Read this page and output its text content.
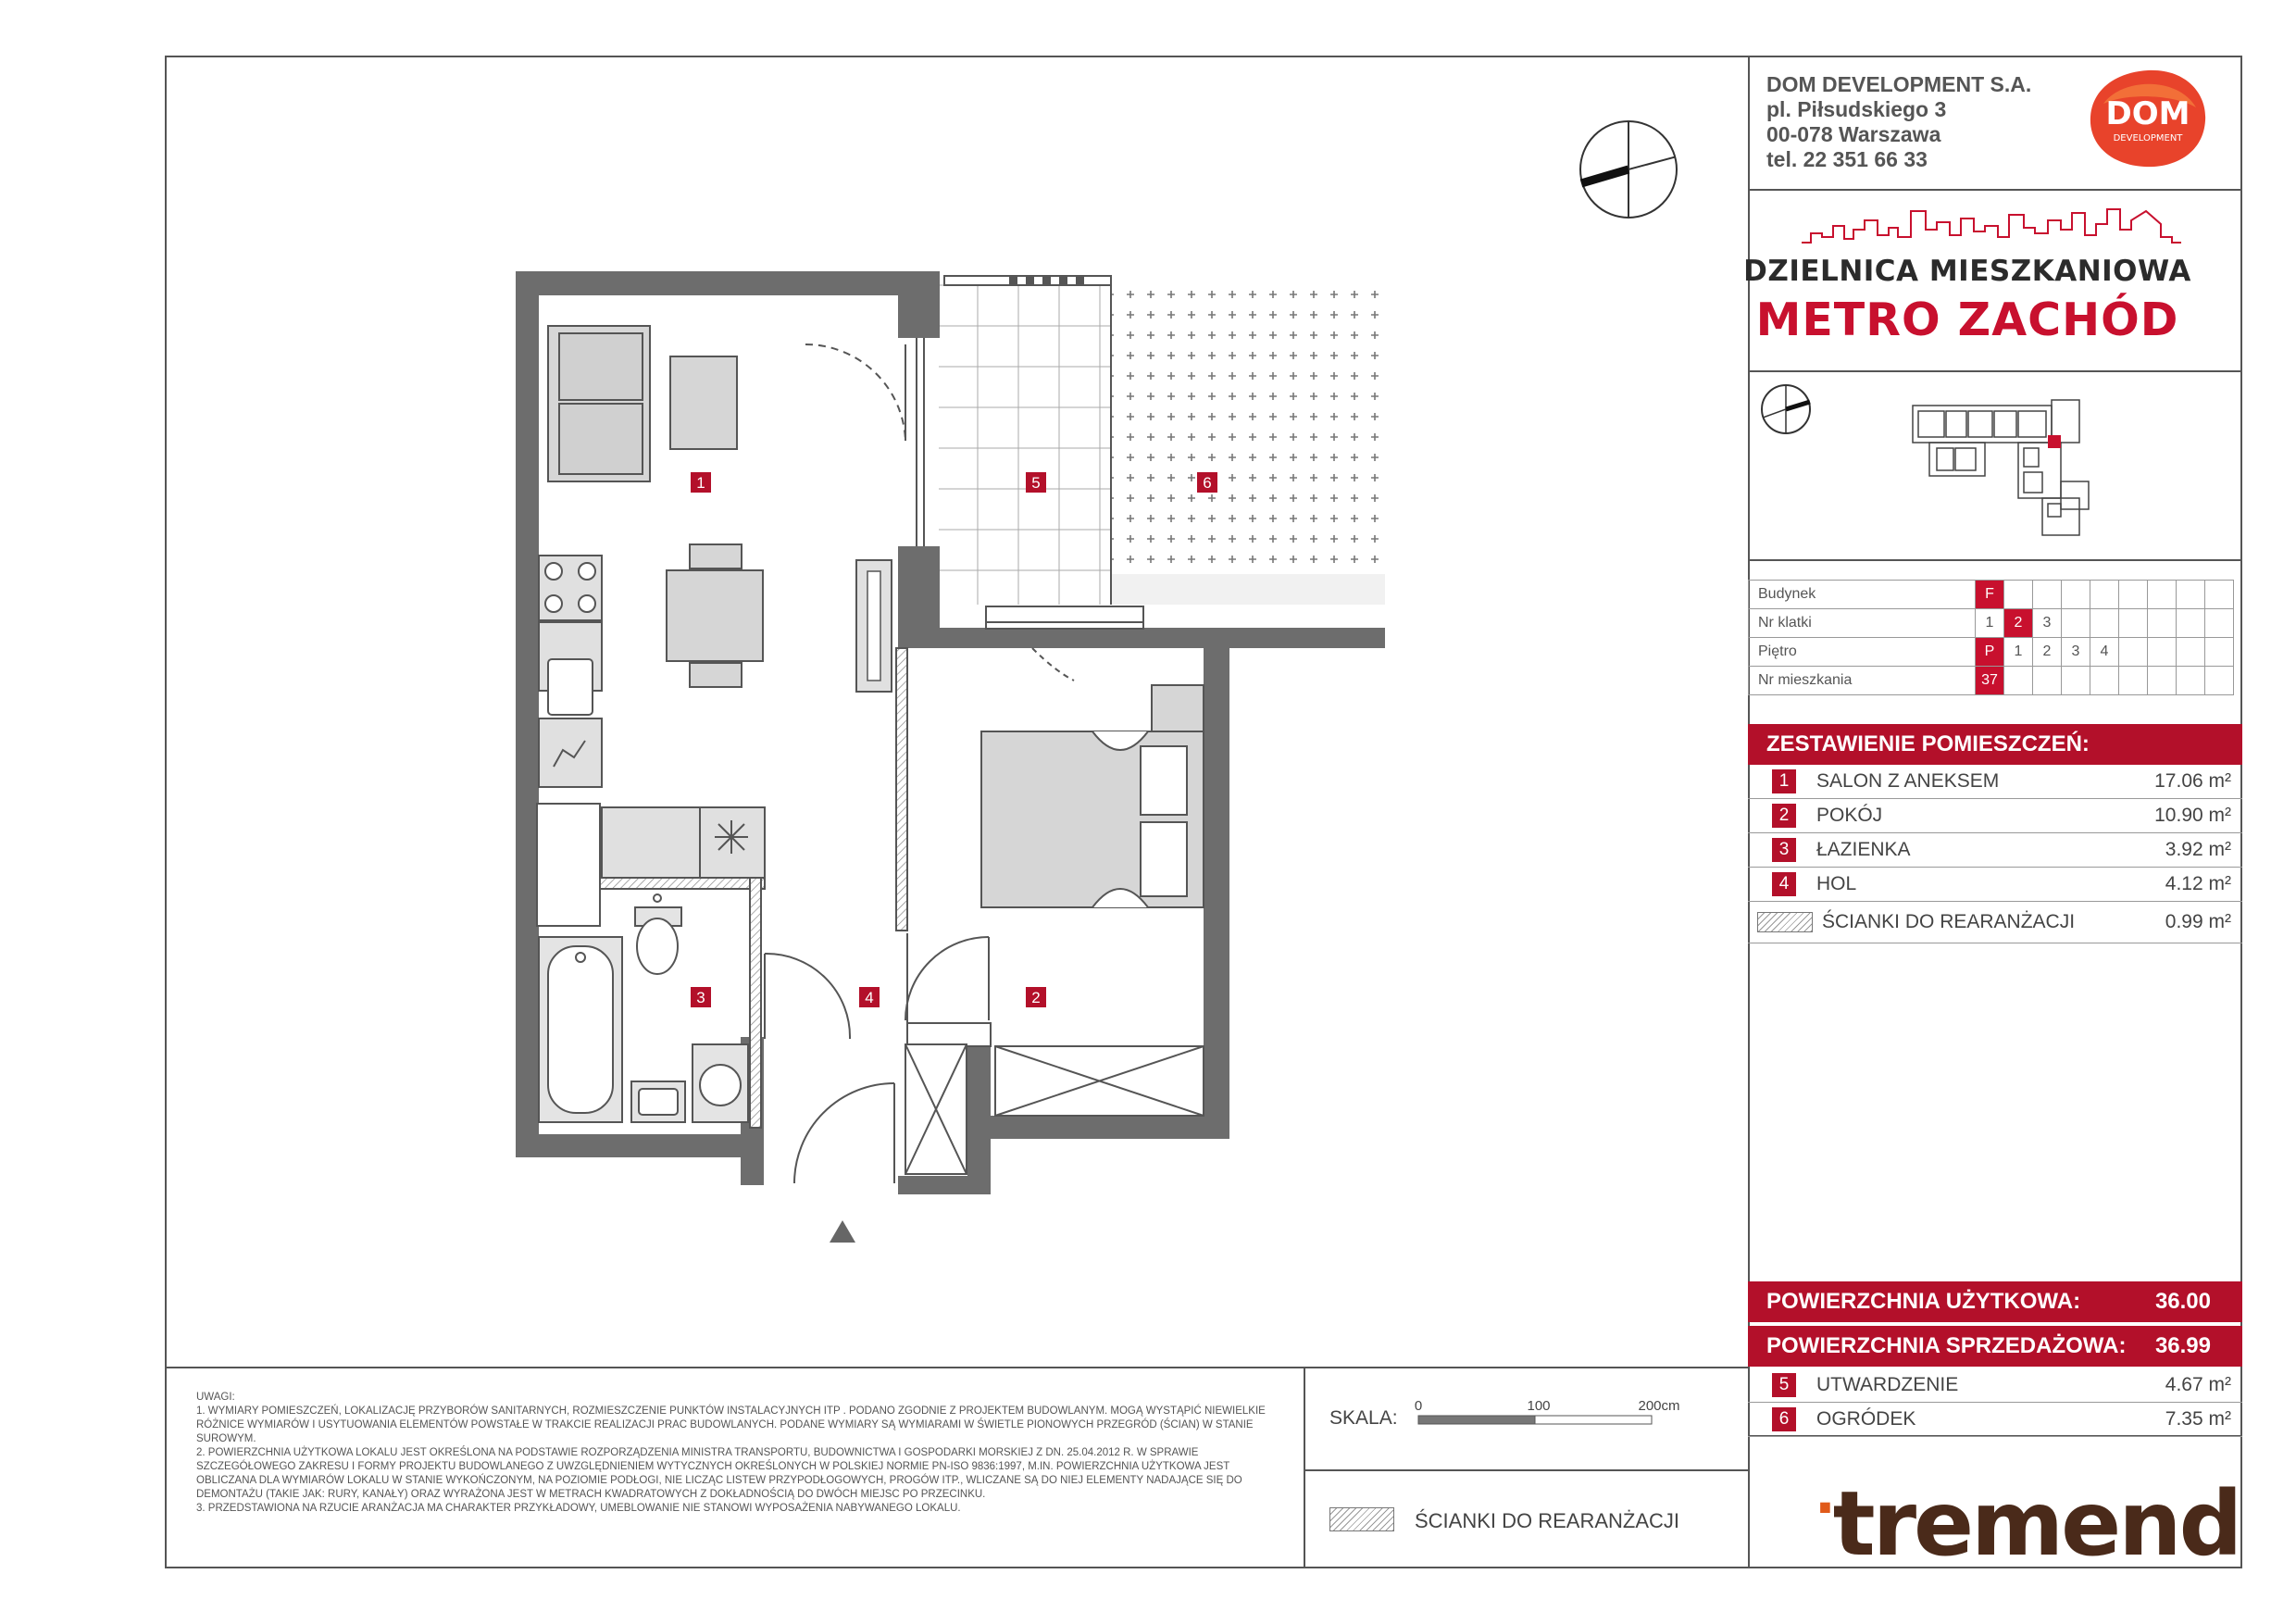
DOM DEVELOPMENT S.A.
pl. Piłsudskiego 3
00-078 Warszawa
tel. 22 351 66 33
DOM
DEVELOPMENT
DZIELNICA MIESZKANIOWA
METRO ZACHÓD
Budynek	F								
Nr klatki	1	2	3						
Piętro	P	1	2	3	4				
Nr mieszkania	37								
ZESTAWIENIE POMIESZCZEŃ:
1	SALON Z ANEKSEM	17.06 m²
2	POKÓJ	10.90 m²
3	ŁAZIENKA	3.92 m²
4	HOL	4.12 m²
ŚCIANKI DO REARANŻACJI	0.99 m²
POWIERZCHNIA UŻYTKOWA:	36.00
POWIERZCHNIA SPRZEDAŻOWA: 36.99
5	UTWARDZENIE	4.67 m²
6	OGRÓDEK	7.35 m²
·tremend

UWAGI:

1. WYMIARY POMIESZCZEŃ, LOKALIZACJĘ PRZYBORÓW SANITARNYCH, ROZMIESZCZENIE PUNKTÓW INSTALACYJNYCH ITP . PODANO ZGODNIE Z PROJEKTEM BUDOWLANYM. MOGĄ WYSTĄPIĆ NIEWIELKIE RÓŻNICE WYMIARÓW I USYTUOWANIA ELEMENTÓW POWSTAŁE W TRAKCIE REALIZACJI PRAC BUDOWLANYCH. PODANE WYMIARY SĄ WYMIARAMI W ŚWIETLE PIONOWYCH PRZEGRÓD (ŚCIAN) W STANIE SUROWYM.

2. POWIERZCHNIA UŻYTKOWA LOKALU JEST OKREŚLONA NA PODSTAWIE ROZPORZĄDZENIA MINISTRA TRANSPORTU, BUDOWNICTWA I GOSPODARKI MORSKIEJ Z DN. 25.04.2012 R. W SPRAWIE SZCZEGÓŁOWEGO ZAKRESU I FORMY PROJEKTU BUDOWLANEGO Z UWZGLĘDNIENIEM WYTYCZNYCH OKREŚLONYCH W POLSKIEJ NORMIE PN-ISO 9836:1997, M.IN. POWIERZCHNIA UŻYTKOWA JEST OBLICZANA DLA WYMIARÓW LOKALU W STANIE WYKOŃCZONYM, NA POZIOMIE PODŁOGI, NIE LICZĄC LISTEW PRZYPODŁOGOWYCH, PROGÓW ITP., WLICZANE SĄ DO NIEJ ELEMENTY NADAJĄCE SIĘ DO DEMONTAŻU (TAKIE JAK: RURY, KANAŁY) ORAZ WYRAŻONA JEST W METRACH KWADRATOWYCH Z DOKŁADNOŚCIĄ DO DWÓCH MIEJSC PO PRZECINKU.

3. PRZEDSTAWIONA NA RZUCIE ARANŻACJA MA CHARAKTER PRZYKŁADOWY, UMEBLOWANIE NIE STANOWI WYPOSAŻENIA NABYWANEGO LOKALU.

SKALA:
0	100	200cm
ŚCIANKI DO REARANŻACJI
1
2
3	4
5	6
